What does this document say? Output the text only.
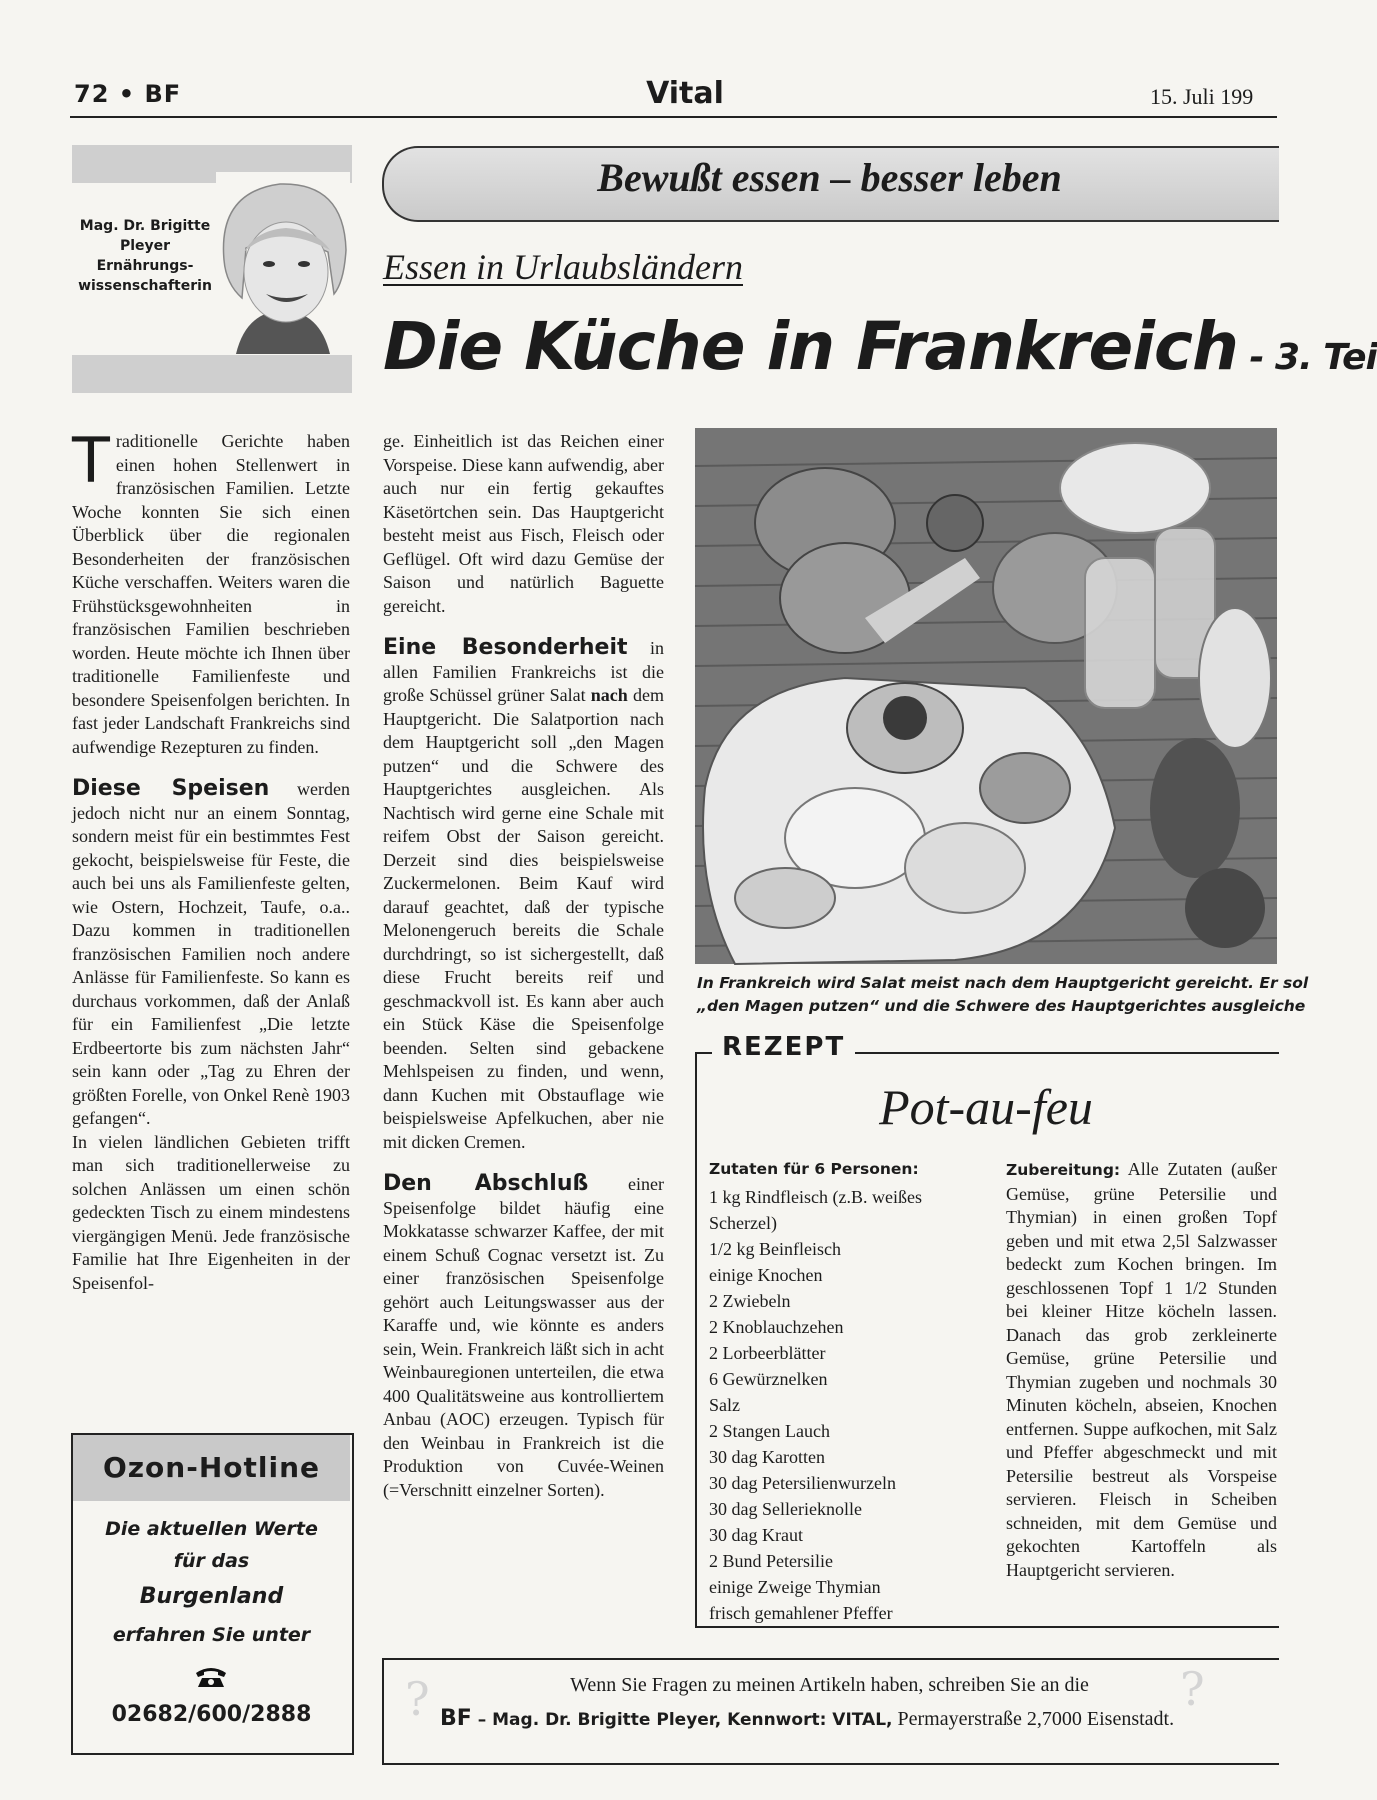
72 • BF	Vital	15. Juli 199
Mag. Dr. Brigitte Pleyer
Ernährungs-wissenschafterin
Bewußt essen – besser leben
Essen in Urlaubsländern
Die Küche in Frankreich - 3. Tei

Traditionelle Gerichte haben einen hohen Stellenwert in französischen Familien. Letzte Woche konnten Sie sich einen Überblick über die regionalen Besonderheiten der französischen Küche verschaffen. Weiters waren die Frühstücksgewohnheiten in französischen Familien beschrieben worden. Heute möchte ich Ihnen über traditionelle Familienfeste und besondere Speisenfolgen berichten. In fast jeder Landschaft Frankreichs sind aufwendige Rezepturen zu finden.

Diese Speisen werden jedoch nicht nur an einem Sonntag, sondern meist für ein bestimmtes Fest gekocht, beispielsweise für Feste, die auch bei uns als Familienfeste gelten, wie Ostern, Hochzeit, Taufe, o.a.. Dazu kommen in traditionellen französischen Familien noch andere Anlässe für Familienfeste. So kann es durchaus vorkommen, daß der Anlaß für ein Familienfest „Die letzte Erdbeertorte bis zum nächsten Jahr“ sein kann oder „Tag zu Ehren der größten Forelle, von Onkel Renè 1903 gefangen“.

In vielen ländlichen Gebieten trifft man sich traditionellerweise zu solchen Anlässen um einen schön gedeckten Tisch zu einem mindestens viergängigen Menü. Jede französische Familie hat Ihre Eigenheiten in der Speisenfol-

Ozon-Hotline
Die aktuellen Werte
für das
Burgenland
erfahren Sie unter
02682/600/2888

ge. Einheitlich ist das Reichen einer Vorspeise. Diese kann aufwendig, aber auch nur ein fertig gekauftes Käsetörtchen sein. Das Hauptgericht besteht meist aus Fisch, Fleisch oder Geflügel. Oft wird dazu Gemüse der Saison und natürlich Baguette gereicht.

Eine Besonderheit in allen Familien Frankreichs ist die große Schüssel grüner Salat nach dem Hauptgericht. Die Salatportion nach dem Hauptgericht soll „den Magen putzen“ und die Schwere des Hauptgerichtes ausgleichen. Als Nachtisch wird gerne eine Schale mit reifem Obst der Saison gereicht. Derzeit sind dies beispielsweise Zuckermelonen. Beim Kauf wird darauf geachtet, daß der typische Melonengeruch bereits die Schale durchdringt, so ist sichergestellt, daß diese Frucht bereits reif und geschmackvoll ist. Es kann aber auch ein Stück Käse die Speisenfolge beenden. Selten sind gebackene Mehlspeisen zu finden, und wenn, dann Kuchen mit Obstauflage wie beispielsweise Apfelkuchen, aber nie mit dicken Cremen.

Den Abschluß einer Speisenfolge bildet häufig eine Mokkatasse schwarzer Kaffee, der mit einem Schuß Cognac versetzt ist. Zu einer französischen Speisenfolge gehört auch Leitungswasser aus der Karaffe und, wie könnte es anders sein, Wein. Frankreich läßt sich in acht Weinbauregionen unterteilen, die etwa 400 Qualitätsweine aus kontrolliertem Anbau (AOC) erzeugen. Typisch für den Weinbau in Frankreich ist die Produktion von Cuvée-Weinen (=Verschnitt einzelner Sorten).

In Frankreich wird Salat meist nach dem Hauptgericht gereicht. Er sol
„den Magen putzen“ und die Schwere des Hauptgerichtes ausgleiche
REZEPT
Pot-au-feu
Zutaten für 6 Personen:
1 kg Rindfleisch (z.B. weißes Scherzel)
1/2 kg Beinfleisch
einige Knochen
2 Zwiebeln
2 Knoblauchzehen
2 Lorbeerblätter
6 Gewürznelken
Salz
2 Stangen Lauch
30 dag Karotten
30 dag Petersilienwurzeln
30 dag Sellerieknolle
30 dag Kraut
2 Bund Petersilie
einige Zweige Thymian
frisch gemahlener Pfeffer
Zubereitung: Alle Zutaten (außer Gemüse, grüne Petersilie und Thymian) in einen großen Topf geben und mit etwa 2,5l Salzwasser bedeckt zum Kochen bringen. Im geschlossenen Topf 1 1/2 Stunden bei kleiner Hitze köcheln lassen. Danach das grob zerkleinerte Gemüse, grüne Petersilie und Thymian zugeben und nochmals 30 Minuten köcheln, abseien, Knochen entfernen. Suppe aufkochen, mit Salz und Pfeffer abgeschmeckt und mit Petersilie bestreut als Vorspeise servieren. Fleisch in Scheiben schneiden, mit dem Gemüse und gekochten Kartoffeln als Hauptgericht servieren.
?	?
Wenn Sie Fragen zu meinen Artikeln haben, schreiben Sie an die
BF – Mag. Dr. Brigitte Pleyer, Kennwort: VITAL, Permayerstraße 2,7000 Eisenstadt.
